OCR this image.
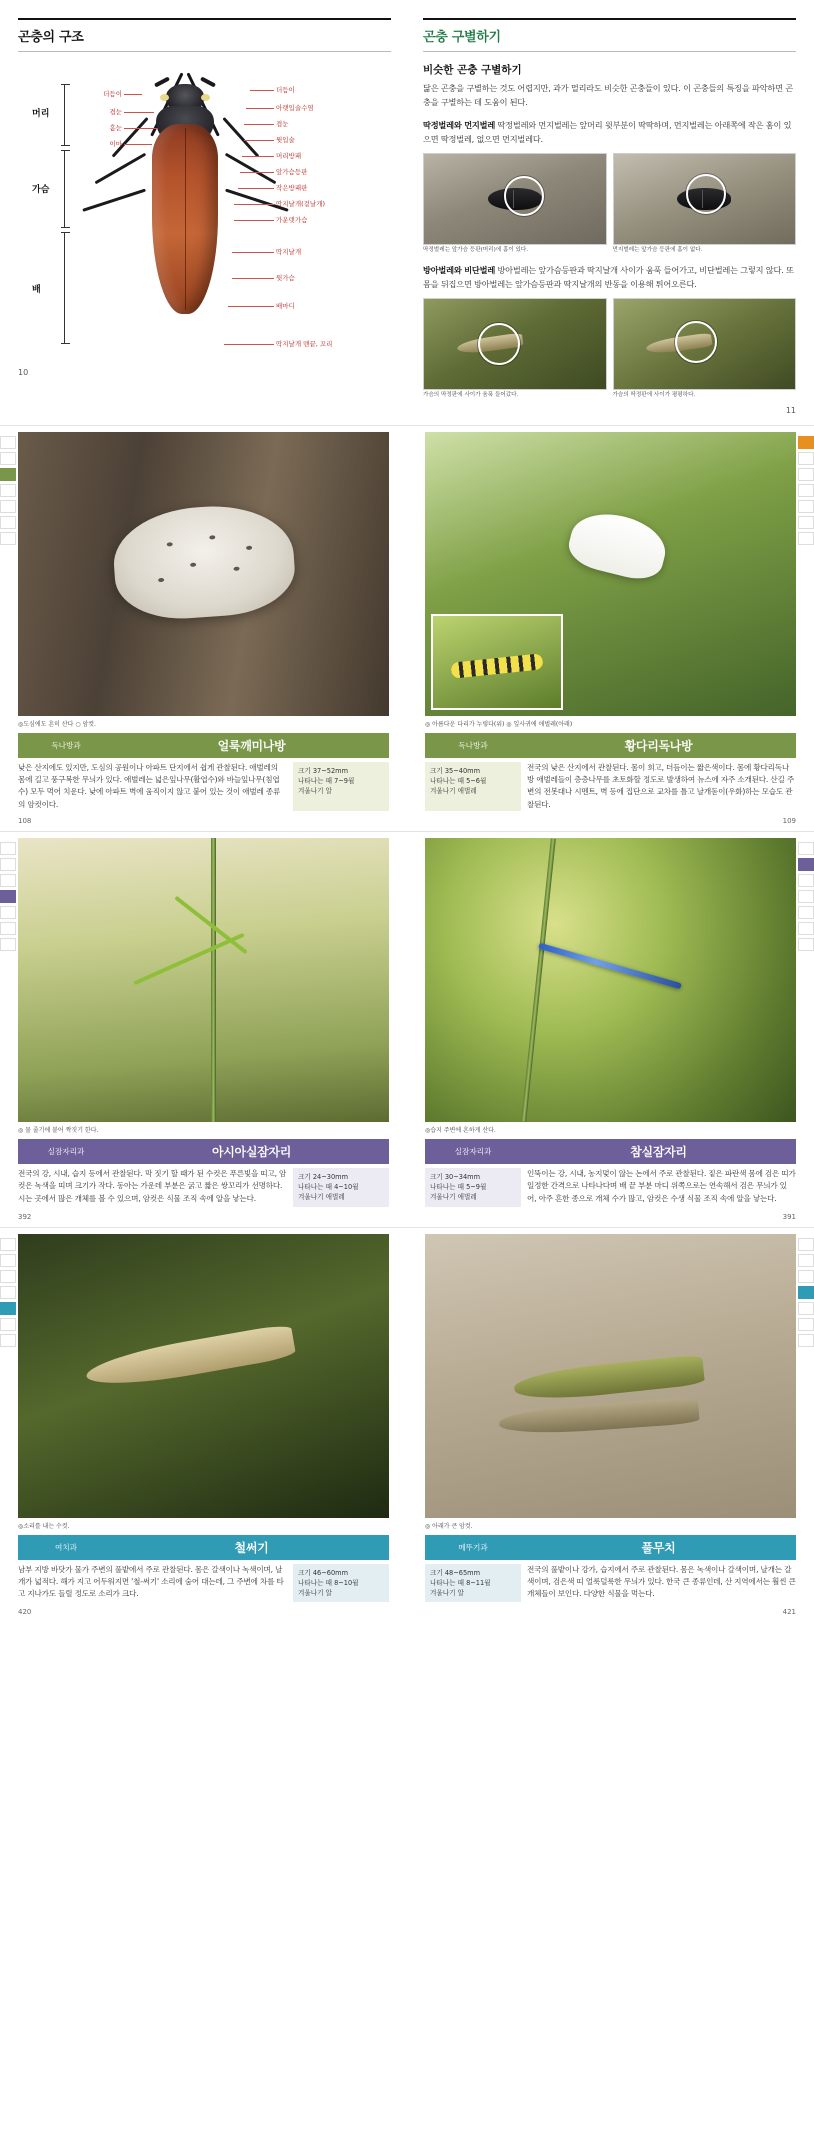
곤충의 구조
머리
가슴
배
더듬이
겹눈
홑눈
이마
더듬이
아랫입술수염
겹눈
윗입술
머리방패
앞가슴등판
작은방패판
딱지날개(겉날개)
가운뎃가슴
딱지날개
뒷가슴
배마디
딱지날개 맨끝, 꼬리
10
곤충 구별하기
비슷한 곤충 구별하기
닮은 곤충을 구별하는 것도 어렵지만, 과가 멀리라도 비슷한 곤충들이 있다. 이 곤충들의 특징을 파악하면 곤충을 구별하는 데 도움이 된다.
딱정벌레와 먼지벌레 딱정벌레와 먼지벌레는 앞머리 윗부분이 딱딱하며, 먼지벌레는 아래쪽에 작은 홈이 있으면 딱정벌레, 없으면 먼지벌레다.
딱정벌레는 앞가슴 등판(머리)에 홈이 있다.	먼지벌레는 앞가슴 등판에 홈이 없다.
방아벌레와 비단벌레 방아벌레는 앞가슴등판과 딱지날개 사이가 움푹 들어가고, 비단벌레는 그렇지 않다. 또 몸을 뒤집으면 방아벌레는 앞가슴등판과 딱지날개의 반동을 이용해 튀어오른다.
가슴의 딱정판에 사이가 움푹 들어갔다.	가슴의 딱정판에 사이가 평평하다.
11
◎도심에도 흔히 산다 ○ 암컷.
독나방과	얼룩깨미나방
낮은 산지에도 있지만, 도심의 공원이나 아파트 단지에서 쉽게 관찰된다. 애벌레의 몸에 길고 풍구복한 무늬가 있다. 애벌레는 넓은잎나무(활엽수)와 바늘잎나무(침엽수) 모두 먹어 치운다. 낮에 아파트 벽에 움직이지 않고 붙어 있는 것이 애벌레 종류의 암컷이다.
크기 37~52mm
나타나는 때 7~9월
겨울나기 알
108
◎ 아름다운 다리가 누렇다(위) ◎ 잎사귀에 애벌레(아래)
독나방과	황다리독나방
크기 35~40mm
나타나는 때 5~6월
겨울나기 애벌레
전국의 낮은 산지에서 관찰된다. 몸이 희고, 더듬이는 짧은색이다. 몸에 황다리독나방 애벌레들이 층층나무를 초토화할 정도로 발생하여 뉴스에 자주 소개된다. 산길 주변의 전봇대나 시멘트, 벽 등에 집단으로 교차를 틀고 날개돋이(우화)하는 모습도 관찰된다.
109
◎ 물 줄기에 붙어 짝짓기 한다.
실잠자리과	아시아실잠자리
전국의 강, 시내, 습지 등에서 관찰된다. 막 짓기 할 때가 된 수컷은 푸른빛을 띠고, 암컷은 녹색을 띠며 크기가 작다. 동아는 가운데 부분은 굵고 짧은 쌍꼬리가 선명하다. 시는 곳에서 많은 개체를 볼 수 있으며, 암컷은 식물 조직 속에 알을 낳는다.
크기 24~30mm
나타나는 때 4~10월
겨울나기 애벌레
392
◎습지 주변에 흔하게 산다.
실잠자리과	참실잠자리
크기 30~34mm
나타나는 때 5~9월
겨울나기 애벌레
인뚝이는 강, 시내, 농지멎이 않는 논에서 주로 관찰된다. 짙은 파란색 몸에 검은 띠가 일정한 간격으로 나타나다며 배 끝 부분 마디 위쪽으로는 연속해서 검은 무늬가 있어, 아주 흔한 종으로 개체 수가 많고, 암컷은 수생 식물 조직 속에 알을 낳는다.
391
◎소리를 내는 수컷.
여치과	철써기
남부 지방 바닷가 물가 주변의 풀밭에서 주로 관찰된다. 몸은 갈색이나 녹색이며, 날개가 넓적다. 해가 지고 어두워지면 '철-써기' 소리에 숨어 대는데, 그 주변에 차를 타고 지나가도 들릴 정도로 소리가 크다.
크기 46~60mm
나타나는 때 8~10월
겨울나기 알
420
◎ 아래가 큰 암컷.
메뚜기과	풀무치
크기 48~65mm
나타나는 때 8~11월
겨울나기 알
전국의 풀밭이나 강가, 습지에서 주로 관찰된다. 몸은 녹색이나 갈색이며, 날개는 갈색이며, 검은색 띠 얼룩덜룩한 무늬가 있다. 한국 큰 종류인데, 산 지역에서는 훨씬 큰 개체들이 보인다. 다양한 식물을 먹는다.
421
